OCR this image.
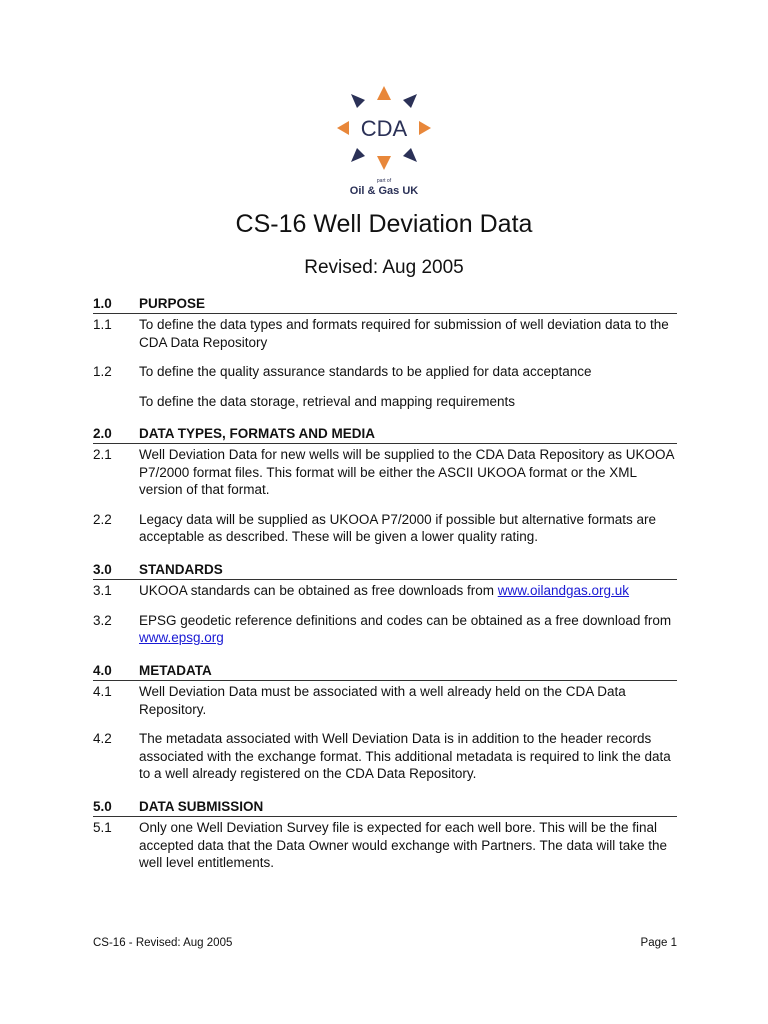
CDA
part of
Oil & Gas UK
CS-16 Well Deviation Data
Revised: Aug 2005
1.0	PURPOSE
1.1	To define the data types and formats required for submission of well deviation data to the CDA Data Repository
1.2	To define the quality assurance standards to be applied for data acceptance
To define the data storage, retrieval and mapping requirements
2.0	DATA TYPES, FORMATS AND MEDIA
2.1	Well Deviation Data for new wells will be supplied to the CDA Data Repository as UKOOA P7/2000 format files. This format will be either the ASCII UKOOA format or the XML version of that format.
2.2	Legacy data will be supplied as UKOOA P7/2000 if possible but alternative formats are acceptable as described. These will be given a lower quality rating.
3.0	STANDARDS
3.1	UKOOA standards can be obtained as free downloads from www.oilandgas.org.uk
3.2	EPSG geodetic reference definitions and codes can be obtained as a free download from www.epsg.org
4.0	METADATA
4.1	Well Deviation Data must be associated with a well already held on the CDA Data Repository.
4.2	The metadata associated with Well Deviation Data is in addition to the header records associated with the exchange format. This additional metadata is required to link the data to a well already registered on the CDA Data Repository.
5.0	DATA SUBMISSION
5.1	Only one Well Deviation Survey file is expected for each well bore. This will be the final accepted data that the Data Owner would exchange with Partners. The data will take the well level entitlements.
CS-16 - Revised: Aug 2005	Page 1
